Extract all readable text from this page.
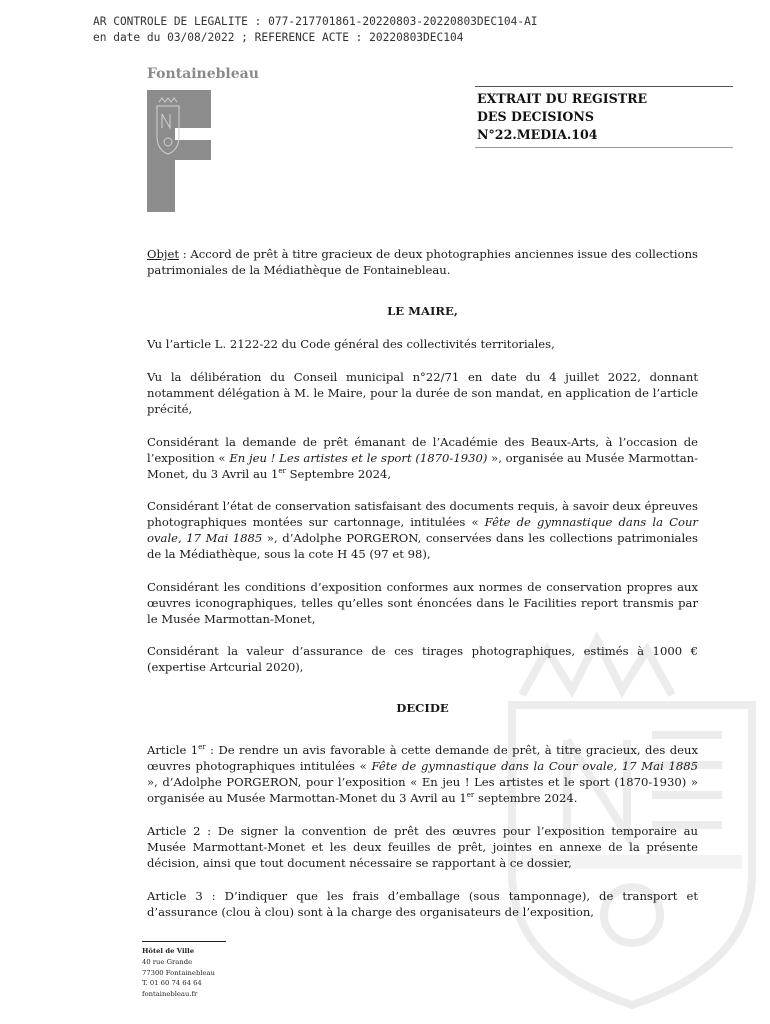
AR CONTROLE DE LEGALITE : 077-217701861-20220803-20220803DEC104-AI
en date du 03/08/2022 ; REFERENCE ACTE : 20220803DEC104
Fontainebleau
EXTRAIT DU REGISTRE
DES DECISIONS
N°22.MEDIA.104

Objet : Accord de prêt à titre gracieux de deux photographies anciennes issue des collections patrimoniales de la Médiathèque de Fontainebleau.

LE MAIRE,

Vu l’article L. 2122-22 du Code général des collectivités territoriales,

Vu la délibération du Conseil municipal n°22/71 en date du 4 juillet 2022, donnant notamment délégation à M. le Maire, pour la durée de son mandat, en application de l’article précité,

Considérant la demande de prêt émanant de l’Académie des Beaux-Arts, à l’occasion de l’exposition « En jeu ! Les artistes et le sport (1870-1930) », organisée au Musée Marmottan-Monet, du 3 Avril au 1er Septembre 2024,

Considérant l’état de conservation satisfaisant des documents requis, à savoir deux épreuves photographiques montées sur cartonnage, intitulées « Fête de gymnastique dans la Cour ovale, 17 Mai 1885 », d’Adolphe PORGERON, conservées dans les collections patrimoniales de la Médiathèque, sous la cote H 45 (97 et 98),

Considérant les conditions d’exposition conformes aux normes de conservation propres aux œuvres iconographiques, telles qu’elles sont énoncées dans le Facilities report transmis par le Musée Marmottan-Monet,

Considérant la valeur d’assurance de ces tirages photographiques, estimés à 1000 € (expertise Artcurial 2020),

DECIDE

Article 1er : De rendre un avis favorable à cette demande de prêt, à titre gracieux, des deux œuvres photographiques intitulées « Fête de gymnastique dans la Cour ovale, 17 Mai 1885 », d’Adolphe PORGERON, pour l’exposition « En jeu ! Les artistes et le sport (1870-1930) » organisée au Musée Marmottan-Monet du 3 Avril au 1er septembre 2024.

Article 2 : De signer la convention de prêt des œuvres pour l’exposition temporaire au Musée Marmottant-Monet et les deux feuilles de prêt, jointes en annexe de la présente décision, ainsi que tout document nécessaire se rapportant à ce dossier,

Article 3 : D’indiquer que les frais d’emballage (sous tamponnage), de transport et d’assurance (clou à clou) sont à la charge des organisateurs de l’exposition,

Hôtel de Ville
40 rue Grande
77300 Fontainebleau
T. 01 60 74 64 64
fontainebleau.fr
